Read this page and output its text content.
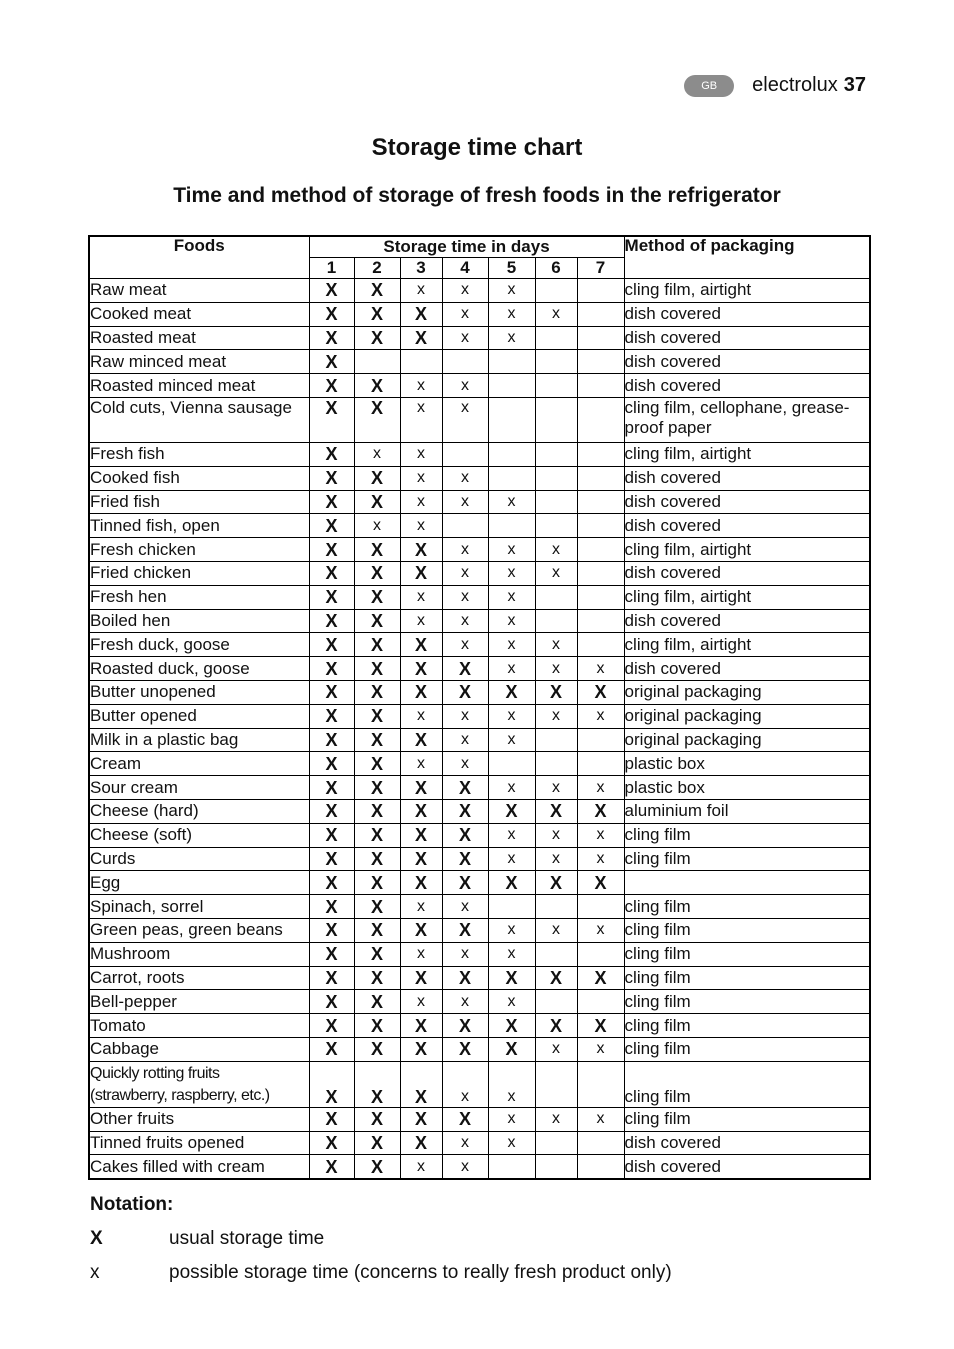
GB	electrolux 37
Storage time chart
Time and method of storage of fresh foods in the refrigerator
Foods	Storage time in days							Method of packaging
	1	2	3	4	5	6	7	
Raw meat	X	X	x	x	x			cling film, airtight
Cooked meat	X	X	X	x	x	x		dish covered
Roasted meat	X	X	X	x	x			dish covered
Raw minced meat	X							dish covered
Roasted minced meat	X	X	x	x				dish covered
Cold cuts, Vienna sausage	X	X	x	x				cling film, cellophane, grease-proof paper
Fresh fish	X	x	x					cling film, airtight
Cooked fish	X	X	x	x				dish covered
Fried fish	X	X	x	x	x			dish covered
Tinned fish, open	X	x	x					dish covered
Fresh chicken	X	X	X	x	x	x		cling film, airtight
Fried chicken	X	X	X	x	x	x		dish covered
Fresh hen	X	X	x	x	x			cling film, airtight
Boiled hen	X	X	x	x	x			dish covered
Fresh duck, goose	X	X	X	x	x	x		cling film, airtight
Roasted duck, goose	X	X	X	X	x	x	x	dish covered
Butter unopened	X	X	X	X	X	X	X	original packaging
Butter opened	X	X	x	x	x	x	x	original packaging
Milk in a plastic bag	X	X	X	x	x			original packaging
Cream	X	X	x	x				plastic box
Sour cream	X	X	X	X	x	x	x	plastic box
Cheese (hard)	X	X	X	X	X	X	X	aluminium foil
Cheese (soft)	X	X	X	X	x	x	x	cling film
Curds	X	X	X	X	x	x	x	cling film
Egg	X	X	X	X	X	X	X	
Spinach, sorrel	X	X	x	x				cling film
Green peas, green beans	X	X	X	X	x	x	x	cling film
Mushroom	X	X	x	x	x			cling film
Carrot, roots	X	X	X	X	X	X	X	cling film
Bell-pepper	X	X	x	x	x			cling film
Tomato	X	X	X	X	X	X	X	cling film
Cabbage	X	X	X	X	X	x	x	cling film

Quickly rotting fruits
(strawberry, raspberry, etc.)	X	X	X	x	x			cling film
Other fruits	X	X	X	X	x	x	x	cling film
Tinned fruits opened	X	X	X	x	x			dish covered
Cakes filled with cream	X	X	x	x				dish covered
Notation:
X	usual storage time
x	possible storage time (concerns to really fresh product only)
